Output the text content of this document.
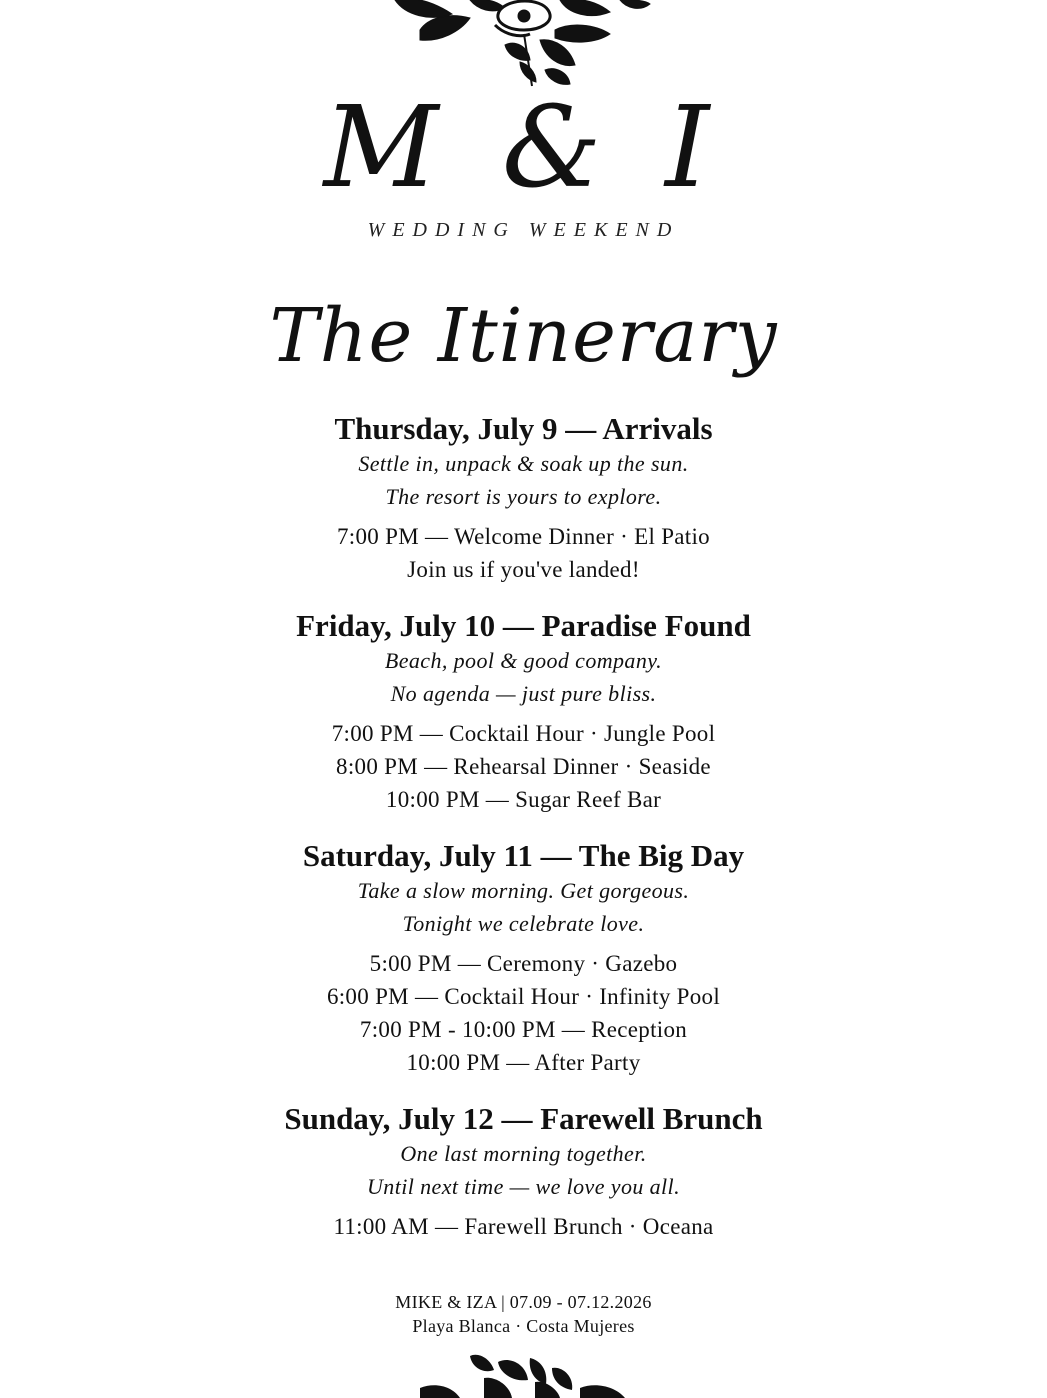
M & I
WEDDING WEEKEND
The Itinerary

Thursday, July 9 — Arrivals

Settle in, unpack & soak up the sun.

The resort is yours to explore.

7:00 PM — Welcome Dinner · El Patio

Join us if you've landed!

Friday, July 10 — Paradise Found

Beach, pool & good company.

No agenda — just pure bliss.

7:00 PM — Cocktail Hour · Jungle Pool

8:00 PM — Rehearsal Dinner · Seaside

10:00 PM — Sugar Reef Bar

Saturday, July 11 — The Big Day

Take a slow morning. Get gorgeous.

Tonight we celebrate love.

5:00 PM — Ceremony · Gazebo

6:00 PM — Cocktail Hour · Infinity Pool

7:00 PM - 10:00 PM — Reception

10:00 PM — After Party

Sunday, July 12 — Farewell Brunch

One last morning together.

Until next time — we love you all.

11:00 AM — Farewell Brunch · Oceana

MIKE & IZA | 07.09 - 07.12.2026
Playa Blanca · Costa Mujeres
